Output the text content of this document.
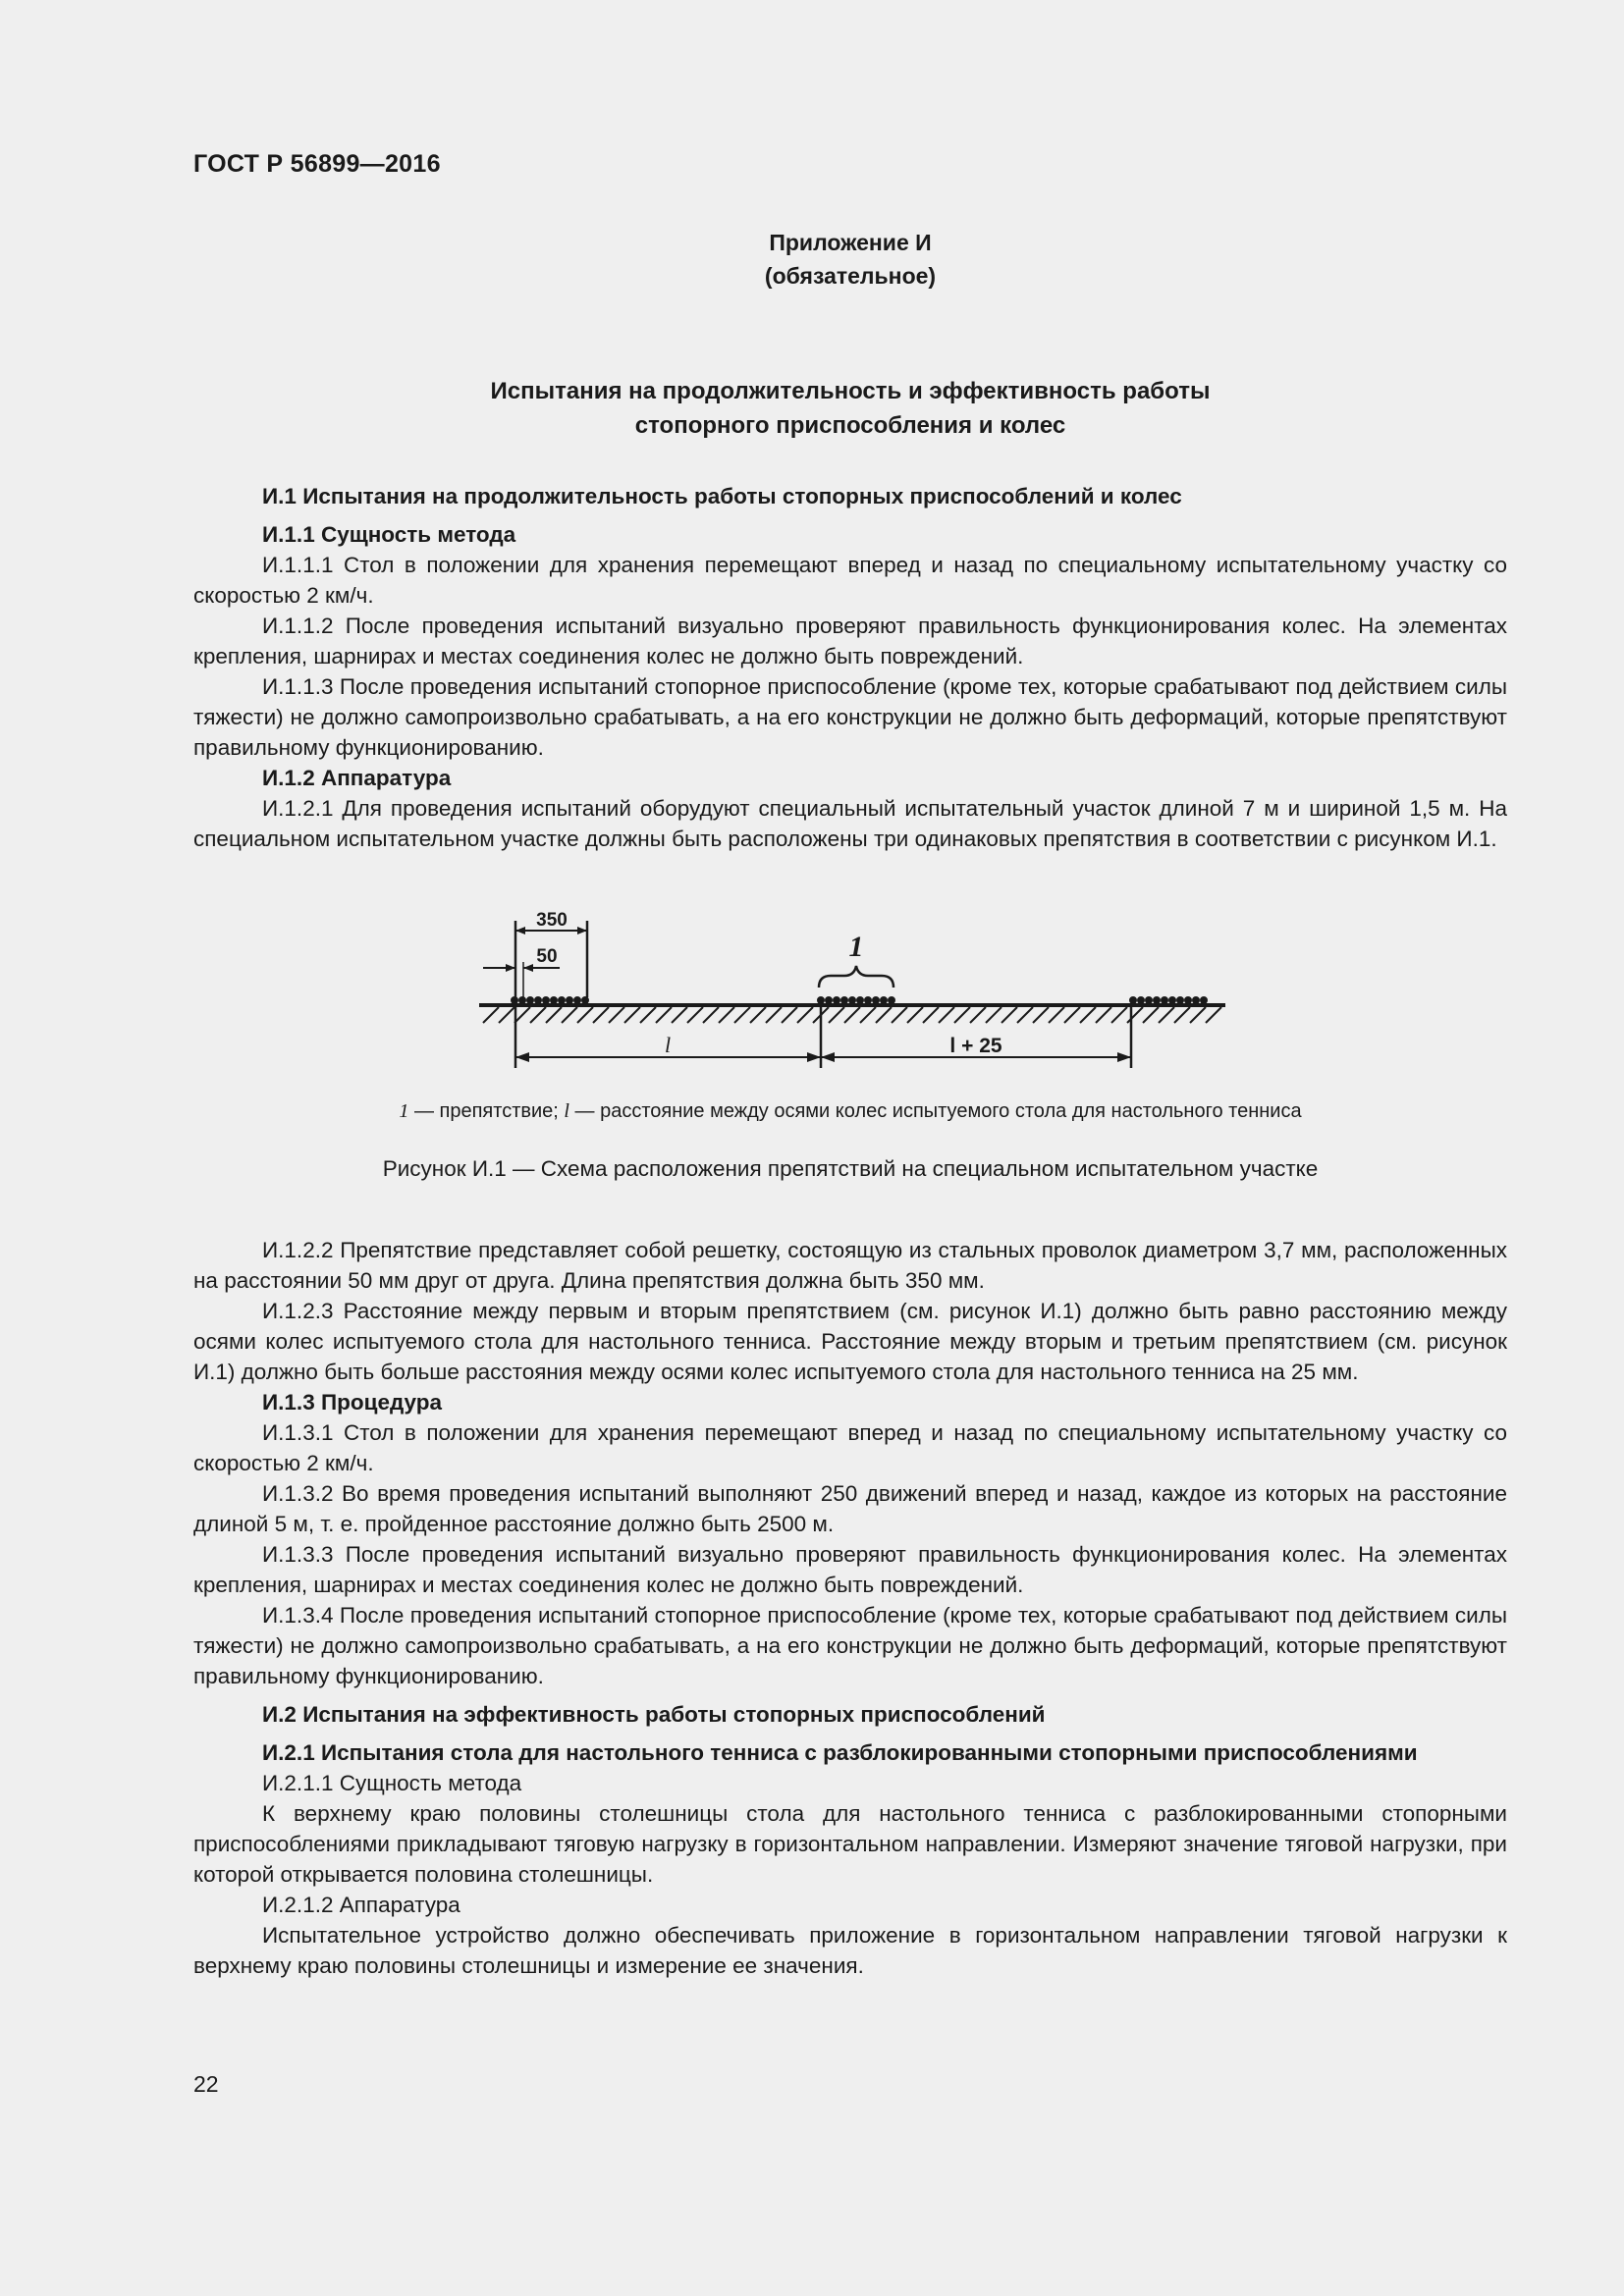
ГОСТ Р 56899—2016
Приложение И
(обязательное)
Испытания на продолжительность и эффективность работы
стопорного приспособления и колес

И.1 Испытания на продолжительность работы стопорных приспособлений и колес

И.1.1 Сущность метода

И.1.1.1 Стол в положении для хранения перемещают вперед и назад по специальному испытательному участку со скоростью 2 км/ч.

И.1.1.2 После проведения испытаний визуально проверяют правильность функционирования колес. На элементах крепления, шарнирах и местах соединения колес не должно быть повреждений.

И.1.1.3 После проведения испытаний стопорное приспособление (кроме тех, которые срабатывают под действием силы тяжести) не должно самопроизвольно срабатывать, а на его конструкции не должно быть деформаций, которые препятствуют правильному функционированию.

И.1.2 Аппаратура

И.1.2.1 Для проведения испытаний оборудуют специальный испытательный участок длиной 7 м и шириной 1,5 м. На специальном испытательном участке должны быть расположены три одинаковых препятствия в соответствии с рисунком И.1.

350
50	1
l	l + 25
1 — препятствие; l — расстояние между осями колес испытуемого стола для настольного тенниса
Рисунок И.1 — Схема расположения препятствий на специальном испытательном участке

И.1.2.2 Препятствие представляет собой решетку, состоящую из стальных проволок диаметром 3,7 мм, расположенных на расстоянии 50 мм друг от друга. Длина препятствия должна быть 350 мм.

И.1.2.3 Расстояние между первым и вторым препятствием (см. рисунок И.1) должно быть равно расстоянию между осями колес испытуемого стола для настольного тенниса. Расстояние между вторым и третьим препятствием (см. рисунок И.1) должно быть больше расстояния между осями колес испытуемого стола для настольного тенниса на 25 мм.

И.1.3 Процедура

И.1.3.1 Стол в положении для хранения перемещают вперед и назад по специальному испытательному участку со скоростью 2 км/ч.

И.1.3.2 Во время проведения испытаний выполняют 250 движений вперед и назад, каждое из которых на расстояние длиной 5 м, т. е. пройденное расстояние должно быть 2500 м.

И.1.3.3 После проведения испытаний визуально проверяют правильность функционирования колес. На элементах крепления, шарнирах и местах соединения колес не должно быть повреждений.

И.1.3.4 После проведения испытаний стопорное приспособление (кроме тех, которые срабатывают под действием силы тяжести) не должно самопроизвольно срабатывать, а на его конструкции не должно быть деформаций, которые препятствуют правильному функционированию.

И.2 Испытания на эффективность работы стопорных приспособлений

И.2.1 Испытания стола для настольного тенниса с разблокированными стопорными приспособлениями

И.2.1.1 Сущность метода

К верхнему краю половины столешницы стола для настольного тенниса с разблокированными стопорными приспособлениями прикладывают тяговую нагрузку в горизонтальном направлении. Измеряют значение тяговой нагрузки, при которой открывается половина столешницы.

И.2.1.2 Аппаратура

Испытательное устройство должно обеспечивать приложение в горизонтальном направлении тяговой нагрузки к верхнему краю половины столешницы и измерение ее значения.

22
